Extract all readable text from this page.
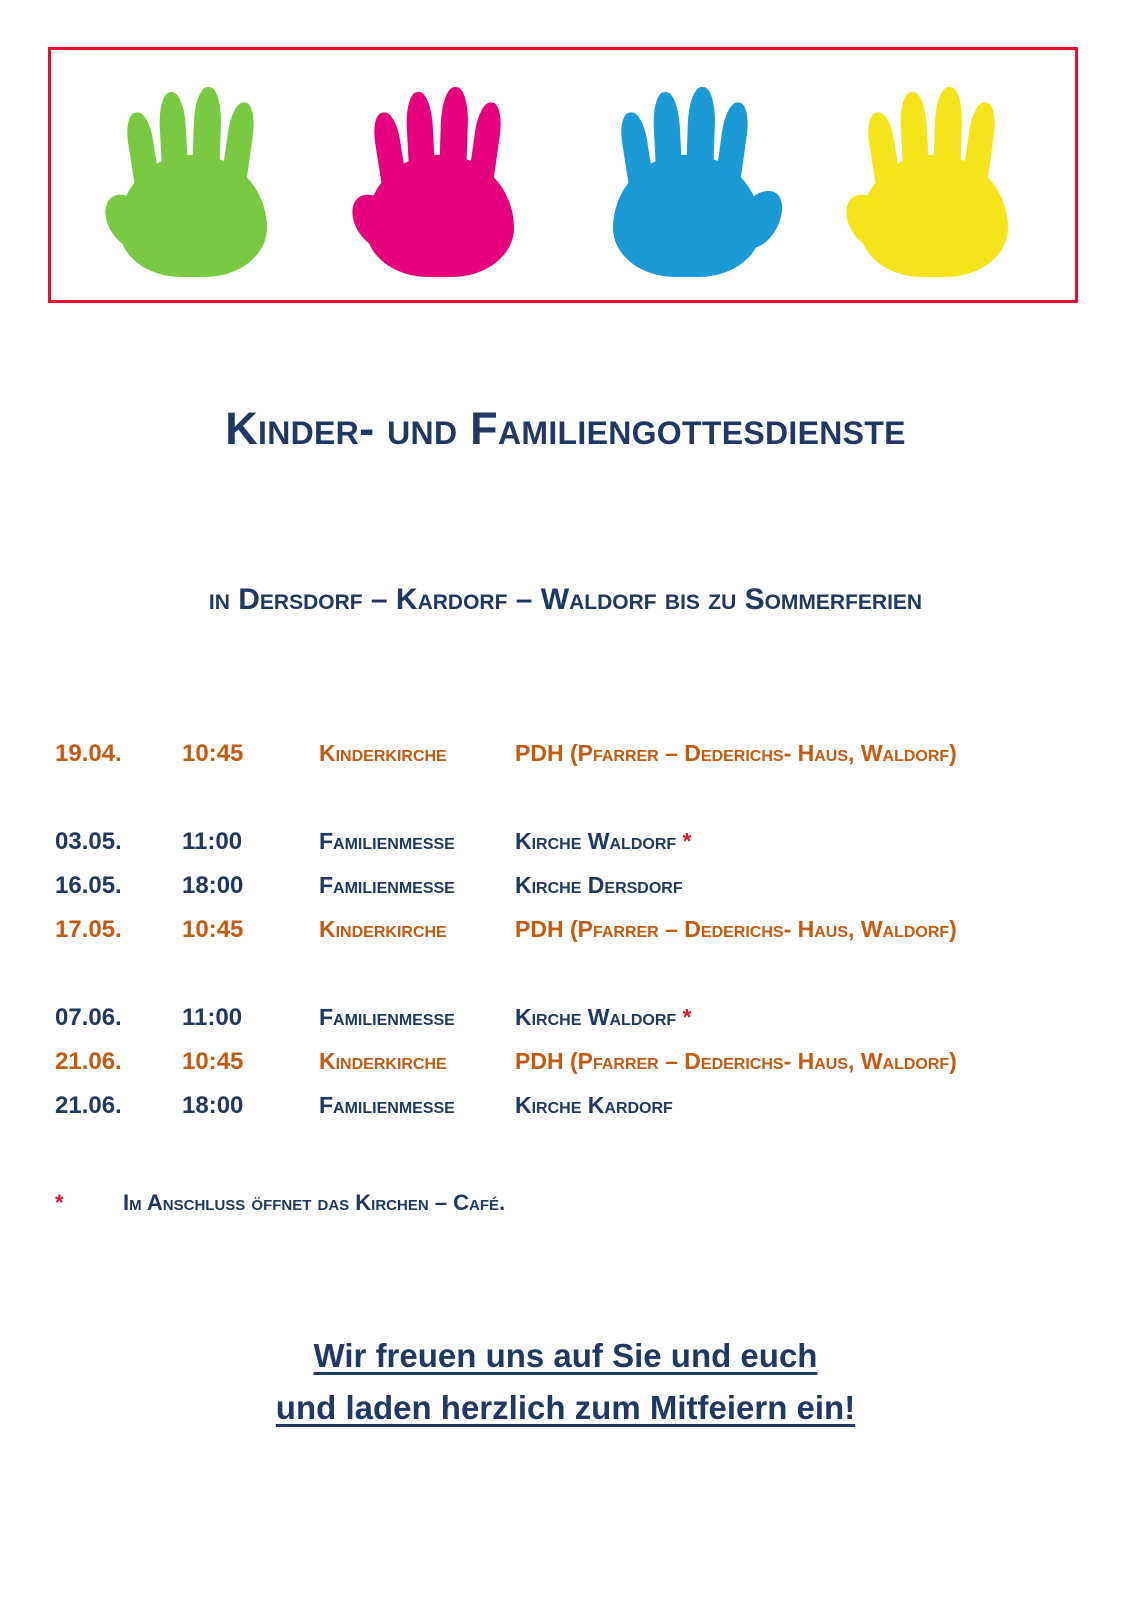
Kinder- und Familiengottesdienste
in Dersdorf – Kardorf – Waldorf bis zu Sommerferien
19.04.	10:45	Kinderkirche	PDH (Pfarrer – Dederichs- Haus, Waldorf)
03.05.	11:00	Familienmesse	Kirche Waldorf *
16.05.	18:00	Familienmesse	Kirche Dersdorf
17.05.	10:45	Kinderkirche	PDH (Pfarrer – Dederichs- Haus, Waldorf)
07.06.	11:00	Familienmesse	Kirche Waldorf *
21.06.	10:45	Kinderkirche	PDH (Pfarrer – Dederichs- Haus, Waldorf)
21.06.	18:00	Familienmesse	Kirche Kardorf
*	Im Anschluss öffnet das Kirchen – Café.
Wir freuen uns auf Sie und euch
und laden herzlich zum Mitfeiern ein!
